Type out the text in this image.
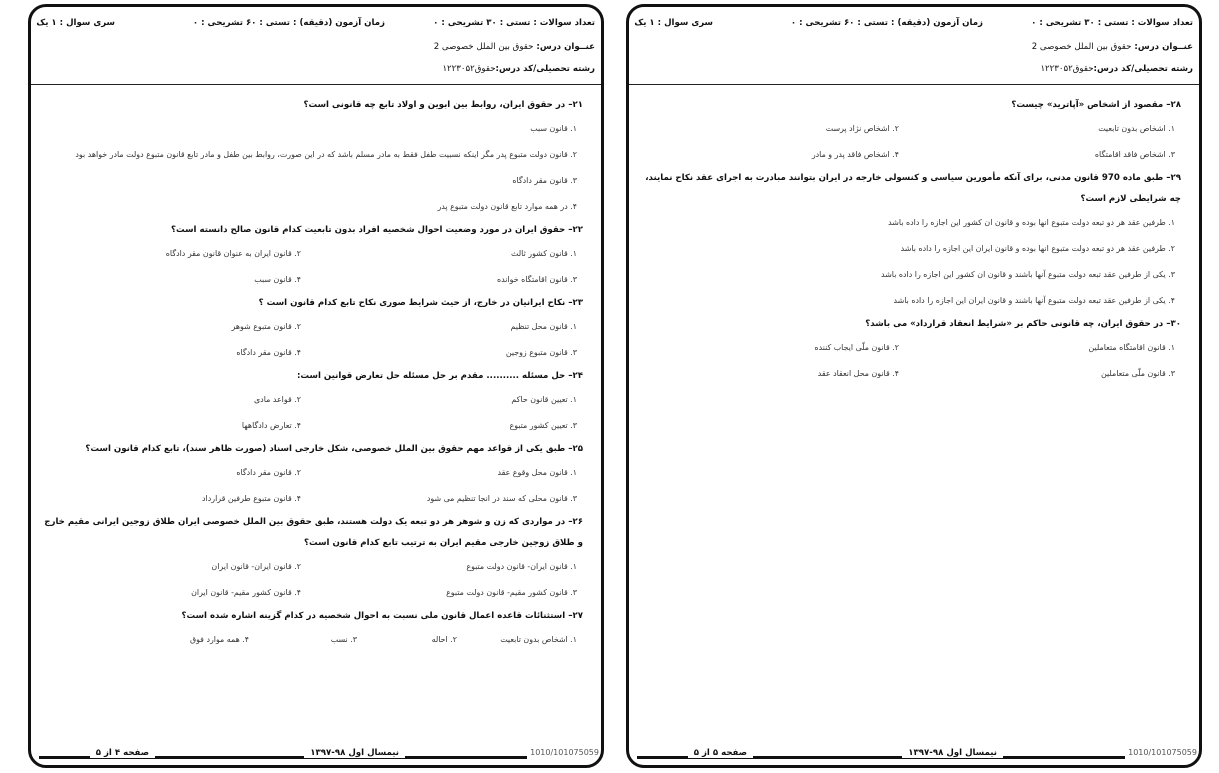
تعداد سوالات : تستی : ۳۰ تشریحی : ۰
زمان آزمون (دقیقه) : تستی : ۶۰ تشریحی : ۰
سری سوال : ۱ یک
عنــوان درس: حقوق بین الملل خصوصی 2
رشته تحصیلی/کد درس:حقوق۱۲۲۳۰۵۲
۲۱– در حقوق ایران، روابط بین ابوین و اولاد تابع چه قانونی است؟
۱. قانون سبب
۲. قانون دولت متبوع پدر مگر اینکه نسبیت طفل فقط به مادر مسلم باشد که در این صورت، روابط بین طفل و مادر تابع قانون متبوع دولت مادر خواهد بود
۳. قانون مقر دادگاه
۴. در همه موارد تابع قانون دولت متبوع پدر
۲۲– حقوق ایران در مورد وضعیت احوال شخصیه افراد بدون تابعیت کدام قانون صالح دانسته است؟
۱. قانون کشور ثالث
۲. قانون ایران به عنوان قانون مقر دادگاه
۳. قانون اقامتگاه خوانده
۴. قانون سبب
۲۳– نکاح ایرانیان در خارج، از حیث شرایط صوری نکاح تابع کدام قانون است ؟
۱. قانون محل تنظیم
۲. قانون متبوع شوهر
۳. قانون متبوع زوجین
۴. قانون مقر دادگاه
۲۴– حل مسئله .......... مقدم بر حل مسئله حل تعارض قوانین است:
۱. تعیین قانون حاکم
۲. قواعد مادی
۳. تعیین کشور متبوع
۴. تعارض دادگاهها
۲۵– طبق یکی از قواعد مهم حقوق بین الملل خصوصی، شکل خارجی اسناد (صورت ظاهر سند)، تابع کدام قانون است؟
۱. قانون محل وقوع عقد
۲. قانون مقر دادگاه
۳. قانون محلی که سند در انجا تنظیم می شود
۴. قانون متبوع طرفین قرارداد
۲۶– در مواردی که زن و شوهر هر دو تبعه یک دولت هستند، طبق حقوق بین الملل خصوصی ایران طلاق زوجین ایرانی مقیم خارج و طلاق زوجین خارجی مقیم ایران به ترتیب تابع کدام قانون است؟
۱. قانون ایران- قانون دولت متبوع
۲. قانون ایران- قانون ایران
۳. قانون کشور مقیم- قانون دولت متبوع
۴. قانون کشور مقیم- قانون ایران
۲۷– استثنائات قاعده اعمال قانون ملی نسبت به احوال شخصیه در کدام گزینه اشاره شده است؟
۱. اشخاص بدون تابعیت
۲. احاله
۳. نسب
۴. همه موارد فوق
صفحه ۴ از ۵	نیمسال اول ۹۸-۱۳۹۷	1010/101075059
تعداد سوالات : تستی : ۳۰ تشریحی : ۰
زمان آزمون (دقیقه) : تستی : ۶۰ تشریحی : ۰
سری سوال : ۱ یک
عنــوان درس: حقوق بین الملل خصوصی 2
رشته تحصیلی/کد درس:حقوق۱۲۲۳۰۵۲
۲۸– مقصود از اشخاص «آپاترید» چیست؟
۱. اشخاص بدون تابعیت
۲. اشخاص نژاد پرست
۳. اشخاص فاقد اقامتگاه
۴. اشخاص فاقد پدر و مادر
۲۹– طبق ماده 970 قانون مدنی، برای آنکه مأمورین سیاسی و کنسولی خارجه در ایران بتوانند مبادرت به اجرای عقد نکاح نمایند، چه شرایطی لازم است؟
۱. طرفین عقد هر دو تبعه دولت متبوع انها بوده و قانون ان کشور این اجازه را داده باشد
۲. طرفین عقد هر دو تبعه دولت متبوع انها بوده و قانون ایران این اجازه را داده باشد
۳. یکی از طرفین عقد تبعه دولت متبوع آنها باشند و قانون ان کشور این اجازه را داده باشد
۴. یکی از طرفین عقد تبعه دولت متبوع آنها باشند و قانون ایران این اجازه را داده باشد
۳۰– در حقوق ایران، چه قانونی حاکم بر «شرایط انعقاد قرارداد» می باشد؟
۱. قانون اقامتگاه متعاملین
۲. قانون ملّی ایجاب کننده
۳. قانون ملّی متعاملین
۴. قانون محل انعقاد عقد
صفحه ۵ از ۵	نیمسال اول ۹۸-۱۳۹۷	1010/101075059
